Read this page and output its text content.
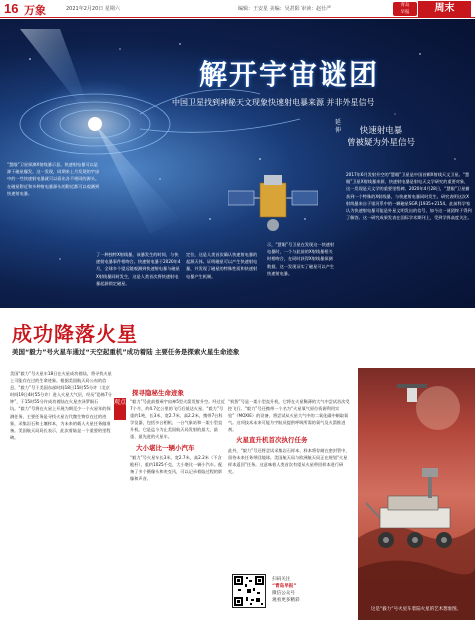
16 万象	2021年2月20日 星期六	编辑：王安星 美编：吴甚阳 审读：赵仕严
青岛
早报	周末
解开宇宙谜团
中国卫星找到神秘天文现象快速射电暴来源 并非外星信号
延伸	快速射电暴
曾被疑为外星信号
“慧眼”卫星探测X射线暴示意。快速射电暴可以是源于磁星爆发。这一发现，同期来上月发现的宇宙中的一些快速射电暴就可以看出各不相同的源头。在磁星附近和多种射电暴源头的附近都可以观测到快速射电暴。
了一种独特X射线暴，该暴发生的时间，与快速射电暴事件相吻合。快速射电暴于2020年4月，全球多个望远镜观测到快速射电暴与磁星X射线暴同时发生，这是人类首次将快速射电暴起源锁定磁星。
定位，这是人类首次确认快速射电暴的起源天体。证明磁星可以产生快速射电暴，并发现了磁星的特殊性质和快速射电暴产生机制。
示，“慧眼”号卫星在发现这一快速射电暴时，一个与此前的X射线暴相关时相吻合，在同时获得X射线暴探测数据，这一发现证实了磁星可以产生快速射电暴。
2017年6月发射升空的“慧眼”卫星是中国首颗X射线天文卫星。“慧眼”卫星X射线暴来源，快速射电暴是射电天文学研究的重要对象，这一发现是天文学的重要里程碑。2020年4月28日，“慧眼”卫星捕获到一个特殊的X射线暴，与快速射电暴同时发生。研究表明这次X射线暴来自于银河系中的一颗磁星SGR J1935+2154。此前科学家认为快速射电暴可能是外星文明发出的信号，如今这一谜团终于得到了解答。这一研究成果发表在国际学术期刊上，受到学界高度关注。
成功降落火星
美国“毅力”号火星车通过“天空起重机”成功着陆 主要任务是探索火星生命迹象
美国“毅力”号火星车18日在火星成功着陆，将寻找火星上可能存在过的生命迹象。根据美国航天局公布的信息，“毅力”号于美国东部时间18日15时55分许（北京时间19日4时55分许）进入火星大气层，经历“恐怖7分钟”，于15时55分许成功着陆在火星杰泽罗陨石坑。“毅力”号将在火星上开展为期至少一个火星年的探测任务，主要任务是寻找火星古代微生物存在过的迹象，采集岩石和土壤样本，为未来的载人火星任务做准备。美国航天局局长表示，此次着陆是一个重要的里程碑。
观点
探寻隐秘生命迹象
“毅力”号此前搭乘宇宙神5型火箭发射升空。经过近7个月、约4.7亿公里的飞行后抵达火星。“毅力”号重约1吨，长3米，宽2.7米，高2.2米，携带7台科学仪器，包括多台相机、一台气象站和一架小型直升机。它是迄今为止美国航天局发射的最大、最重、最先进的火星车。
大小堪比一辆小汽车
“毅力”号火星车长3米，宽2.7米，高2.2米（不含桅杆），重约1025千克，大小堪比一辆小汽车。配备了多个摄像头和麦克风，可以记录着陆过程的影像和声音。
“机智”号是一架小型直升机，它将在火星稀薄的大气中尝试首次受控飞行。“毅力”号还携带一个名为“火星氧气原位资源利用实验”（MOXIE）的设备，将尝试从火星大气中的二氧化碳中制取氧气。这项技术未来可能为宇航员提供呼吸所需的氧气及火箭推进剂。
火星直升机首次执行任务
此外，“毅力”号还将尝试采集岩石样本，样本将存储在密封管中，留待未来任务带回地球。美国航天局与欧洲航天局正在规划“火星样本返回”任务。这意味着人类首次有望从火星带回样本进行研究。
扫码关注
“青岛早报”
微信公众号
观看更多精彩
这是“毅力”号火星车着陆火星的艺术想象图。
